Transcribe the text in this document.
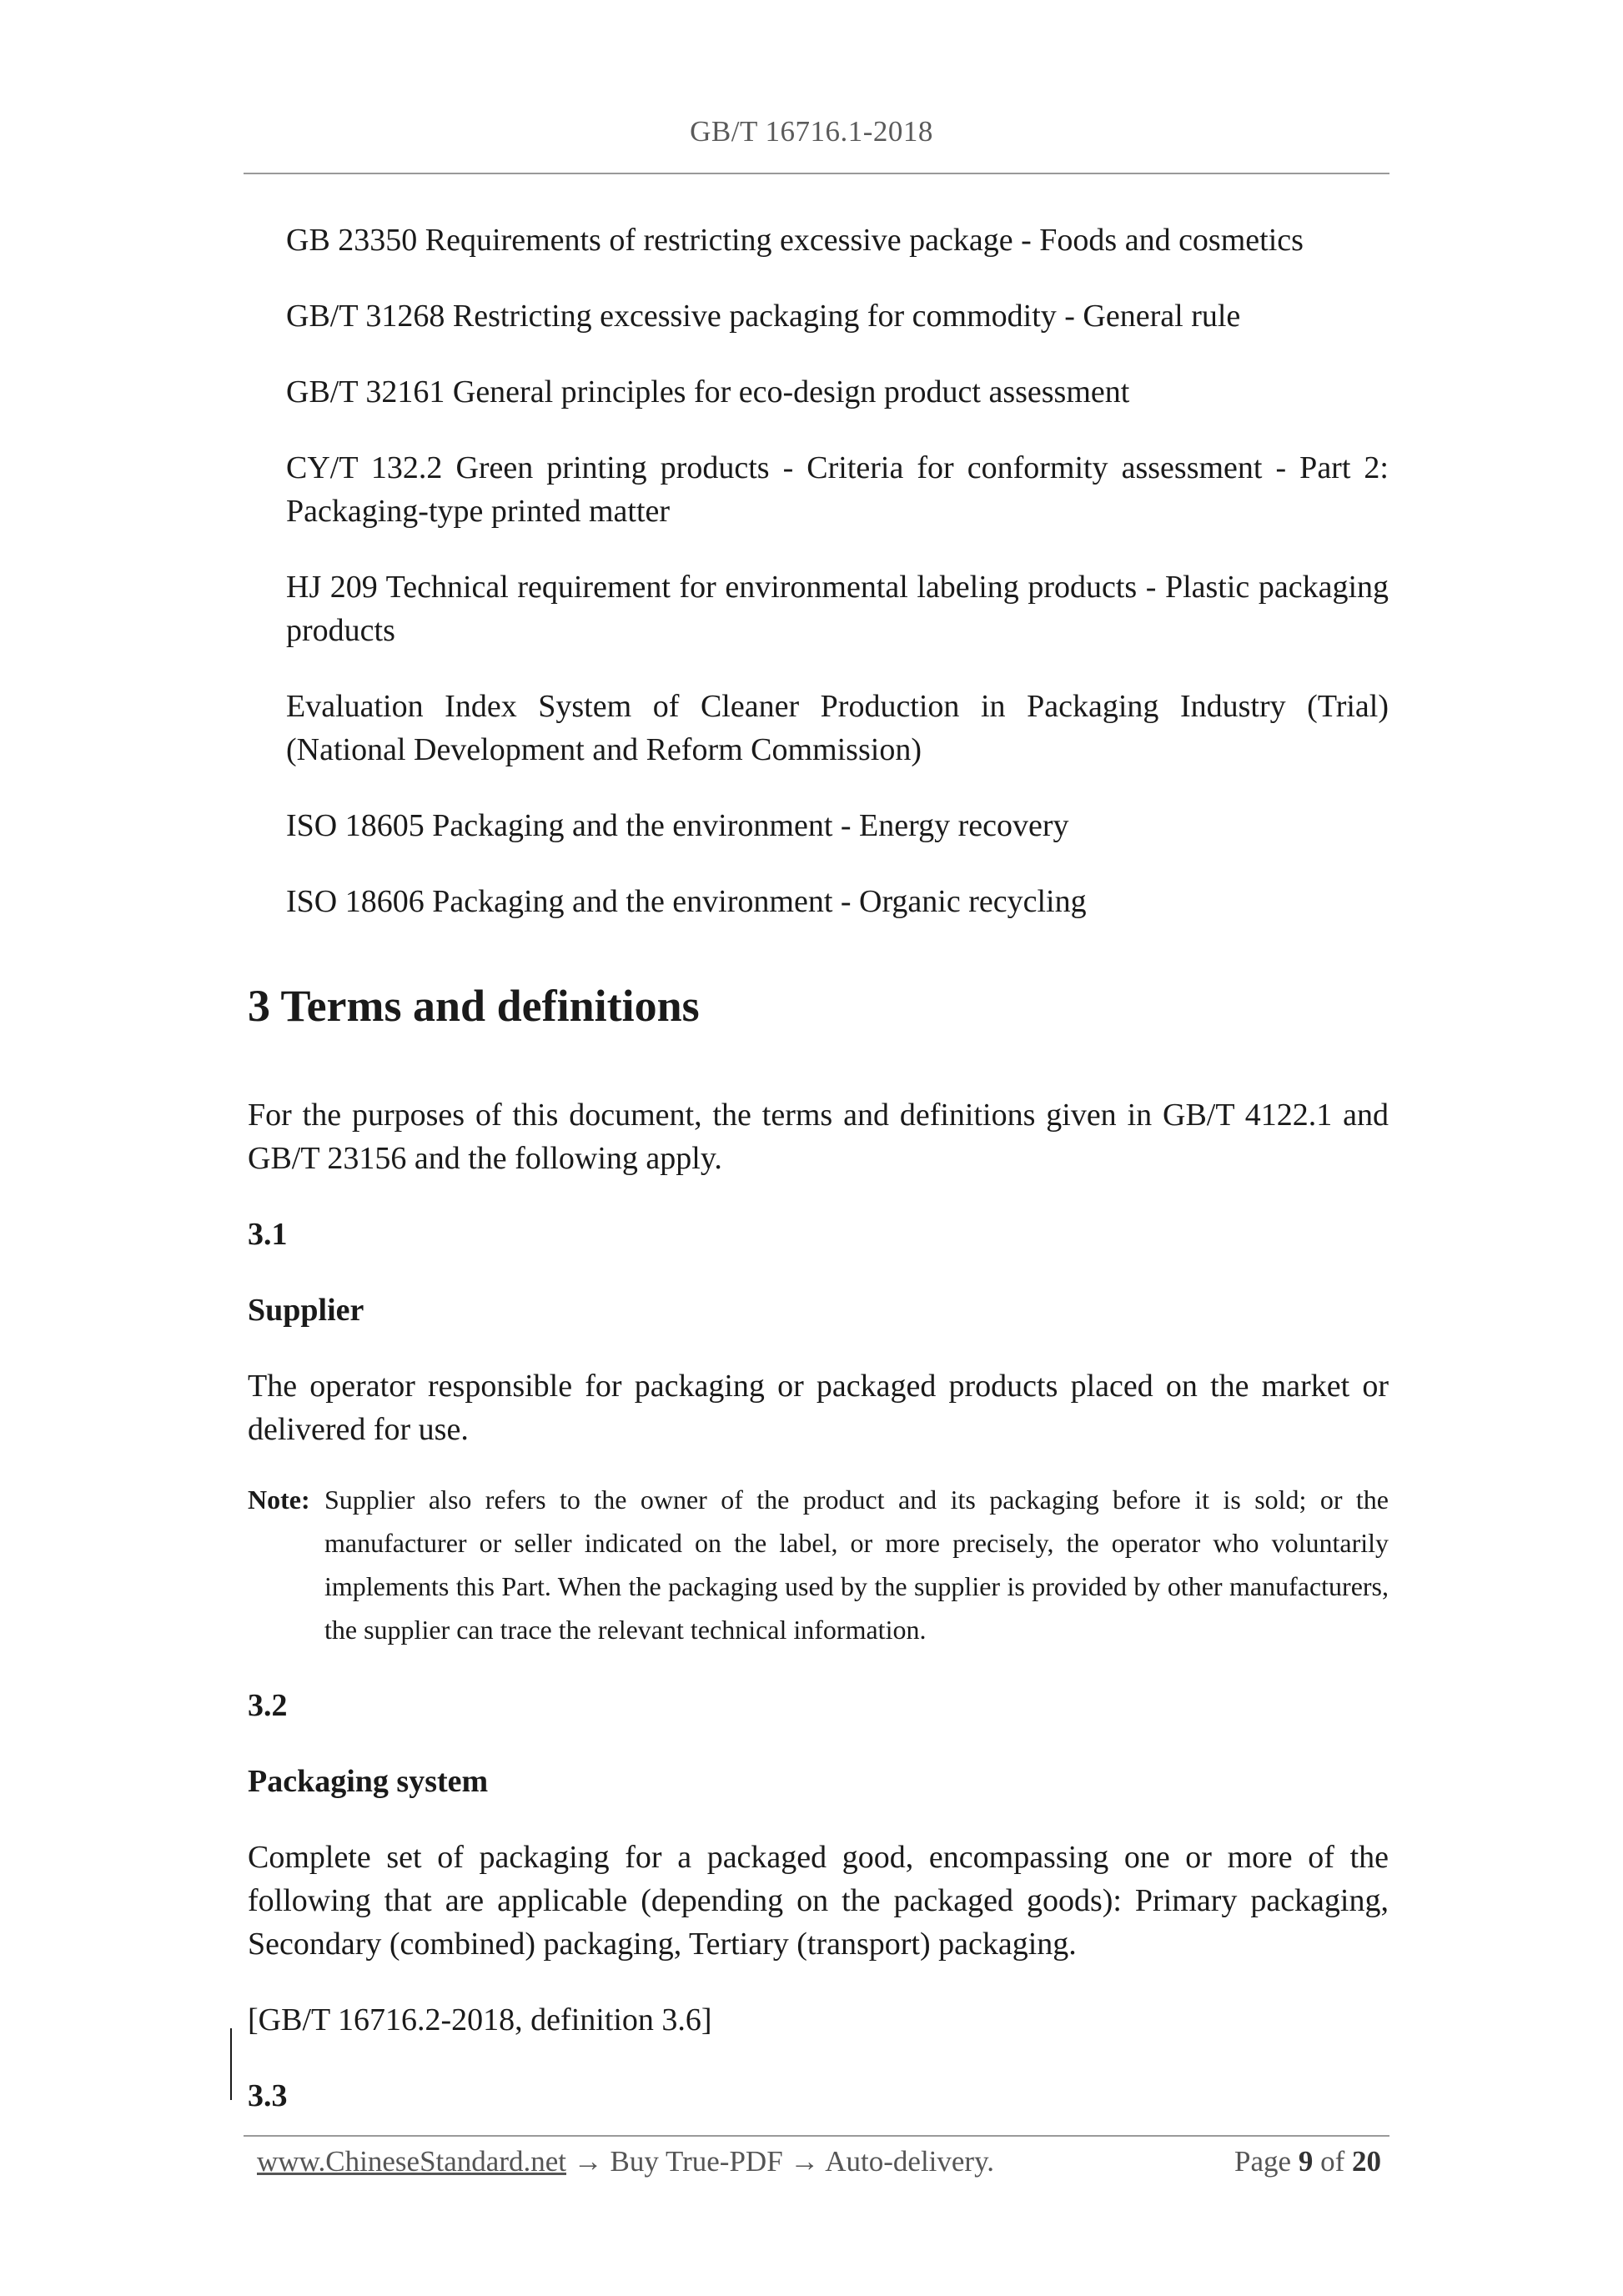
GB/T 16716.1-2018
GB 23350 Requirements of restricting excessive package - Foods and cosmetics
GB/T 31268 Restricting excessive packaging for commodity - General rule
GB/T 32161 General principles for eco-design product assessment
CY/T 132.2 Green printing products - Criteria for conformity assessment - Part 2: Packaging-type printed matter
HJ 209 Technical requirement for environmental labeling products - Plastic packaging products
Evaluation Index System of Cleaner Production in Packaging Industry (Trial) (National Development and Reform Commission)
ISO 18605 Packaging and the environment - Energy recovery
ISO 18606 Packaging and the environment - Organic recycling
3 Terms and definitions

For the purposes of this document, the terms and definitions given in GB/T 4122.1 and GB/T 23156 and the following apply.

3.1
Supplier

The operator responsible for packaging or packaged products placed on the market or delivered for use.

Note: Supplier also refers to the owner of the product and its packaging before it is sold; or the manufacturer or seller indicated on the label, or more precisely, the operator who voluntarily implements this Part. When the packaging used by the supplier is provided by other manufacturers, the supplier can trace the relevant technical information.
3.2
Packaging system

Complete set of packaging for a packaged good, encompassing one or more of the following that are applicable (depending on the packaged goods): Primary packaging, Secondary (combined) packaging, Tertiary (transport) packaging.

[GB/T 16716.2-2018, definition 3.6]

3.3
www.ChineseStandard.net → Buy True-PDF → Auto-delivery.	Page 9 of 20
